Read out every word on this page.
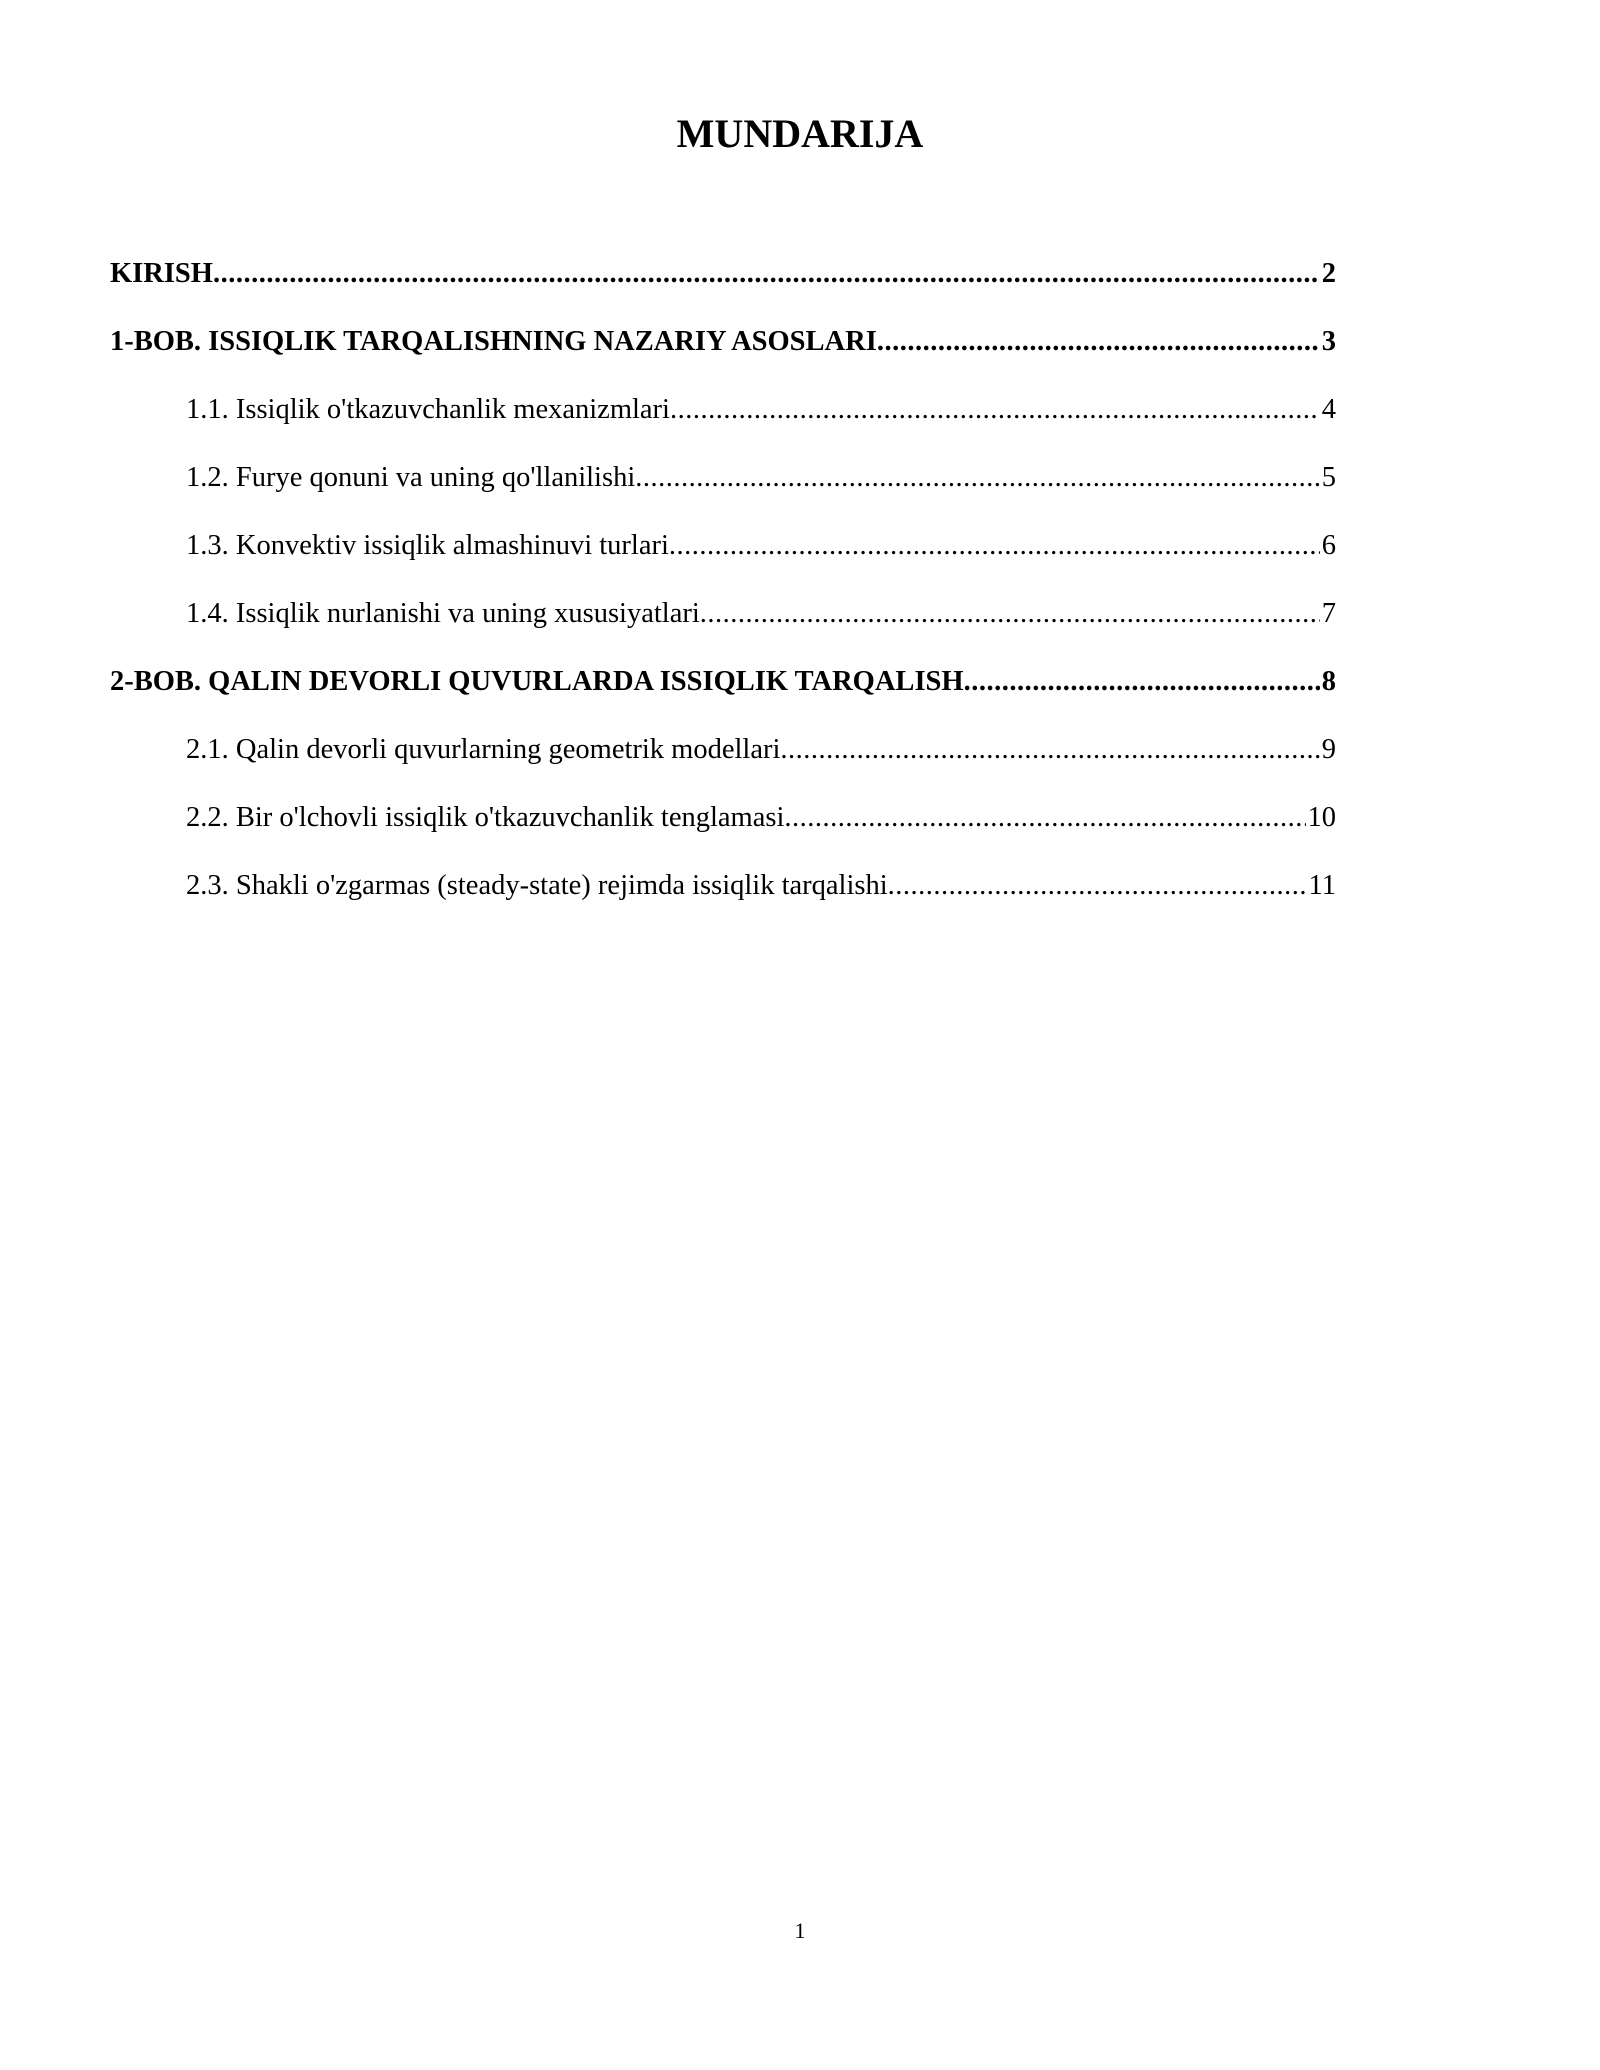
MUNDARIJA
KIRISH .....	2
1-BOB. ISSIQLIK TARQALISHNING NAZARIY ASOSLARI .....	3
1.1. Issiqlik o'tkazuvchanlik mexanizmlari .....	4
1.2. Furye qonuni va uning qo'llanilishi .....	5
1.3. Konvektiv issiqlik almashinuvi turlari .....	6
1.4. Issiqlik nurlanishi va uning xususiyatlari .....	7
2-BOB. QALIN DEVORLI QUVURLARDA ISSIQLIK TARQALISH .....	8
2.1. Qalin devorli quvurlarning geometrik modellari .....	9
2.2. Bir o'lchovli issiqlik o'tkazuvchanlik tenglamasi .....	10
2.3. Shakli o'zgarmas (steady-state) rejimda issiqlik tarqalishi .....	11
1
